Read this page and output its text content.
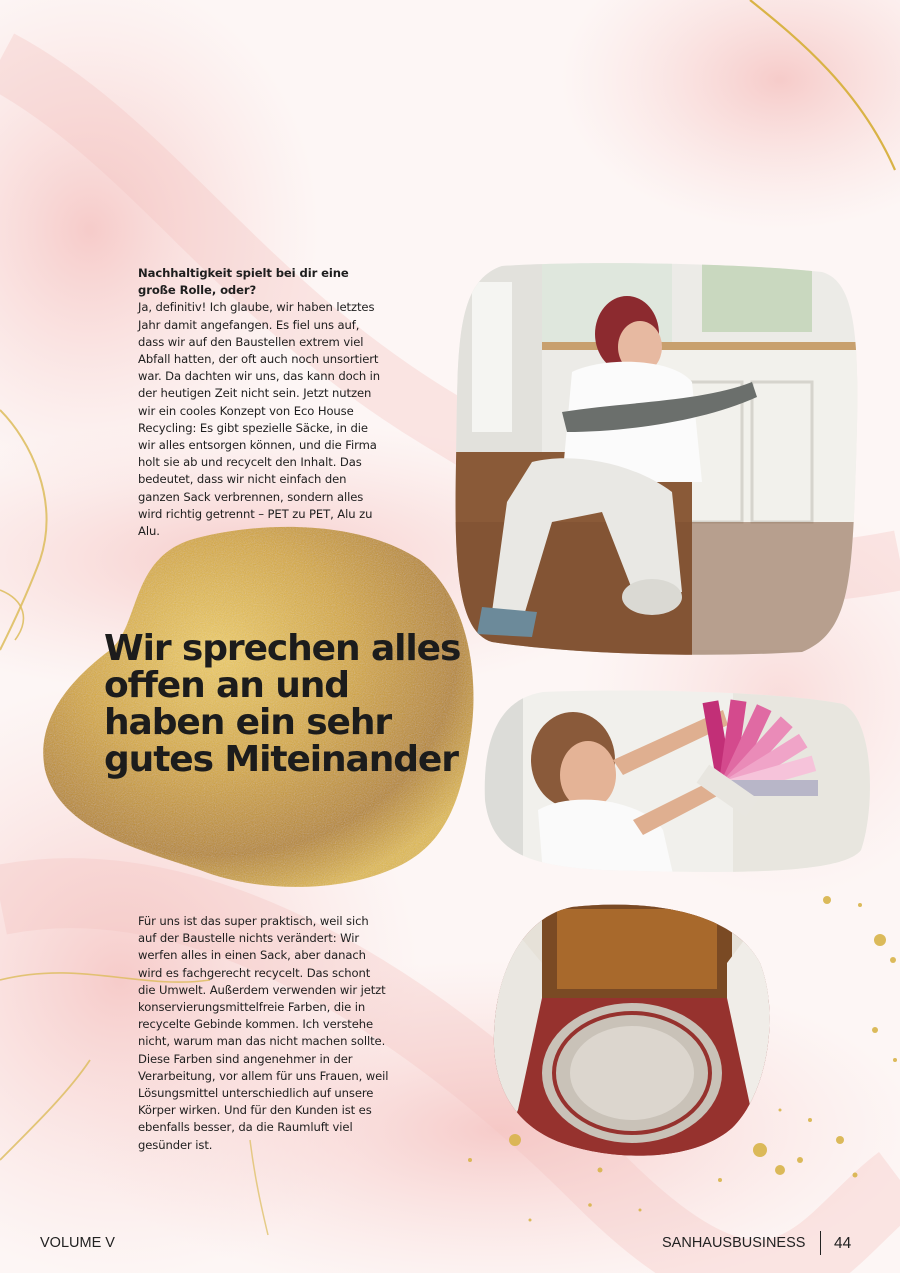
Nachhaltigkeit spielt bei dir eine große Rolle, oder?
Ja, definitiv! Ich glaube, wir haben letztes Jahr damit angefangen. Es fiel uns auf, dass wir auf den Baustellen extrem viel Abfall hatten, der oft auch noch unsortiert war. Da dachten wir uns, das kann doch in der heutigen Zeit nicht sein. Jetzt nutzen wir ein cooles Konzept von Eco House Recycling: Es gibt spezielle Säcke, in die wir alles entsorgen können, und die Firma holt sie ab und recycelt den Inhalt. Das bedeutet, dass wir nicht einfach den ganzen Sack verbrennen, sondern alles wird richtig getrennt – PET zu PET, Alu zu Alu.
Wir sprechen alles offen an und haben ein sehr gutes Miteinander
Für uns ist das super praktisch, weil sich auf der Baustelle nichts verändert: Wir werfen alles in einen Sack, aber danach wird es fachgerecht recycelt. Das schont die Umwelt. Außerdem verwenden wir jetzt konservierungsmittelfreie Farben, die in recycelte Gebinde kommen. Ich verstehe nicht, warum man das nicht machen sollte. Diese Farben sind angenehmer in der Verarbeitung, vor allem für uns Frauen, weil Lösungsmittel unterschiedlich auf unsere Körper wirken. Und für den Kunden ist es ebenfalls besser, da die Raumluft viel gesünder ist.
VOLUME V	SANHAUSBUSINESS 44
